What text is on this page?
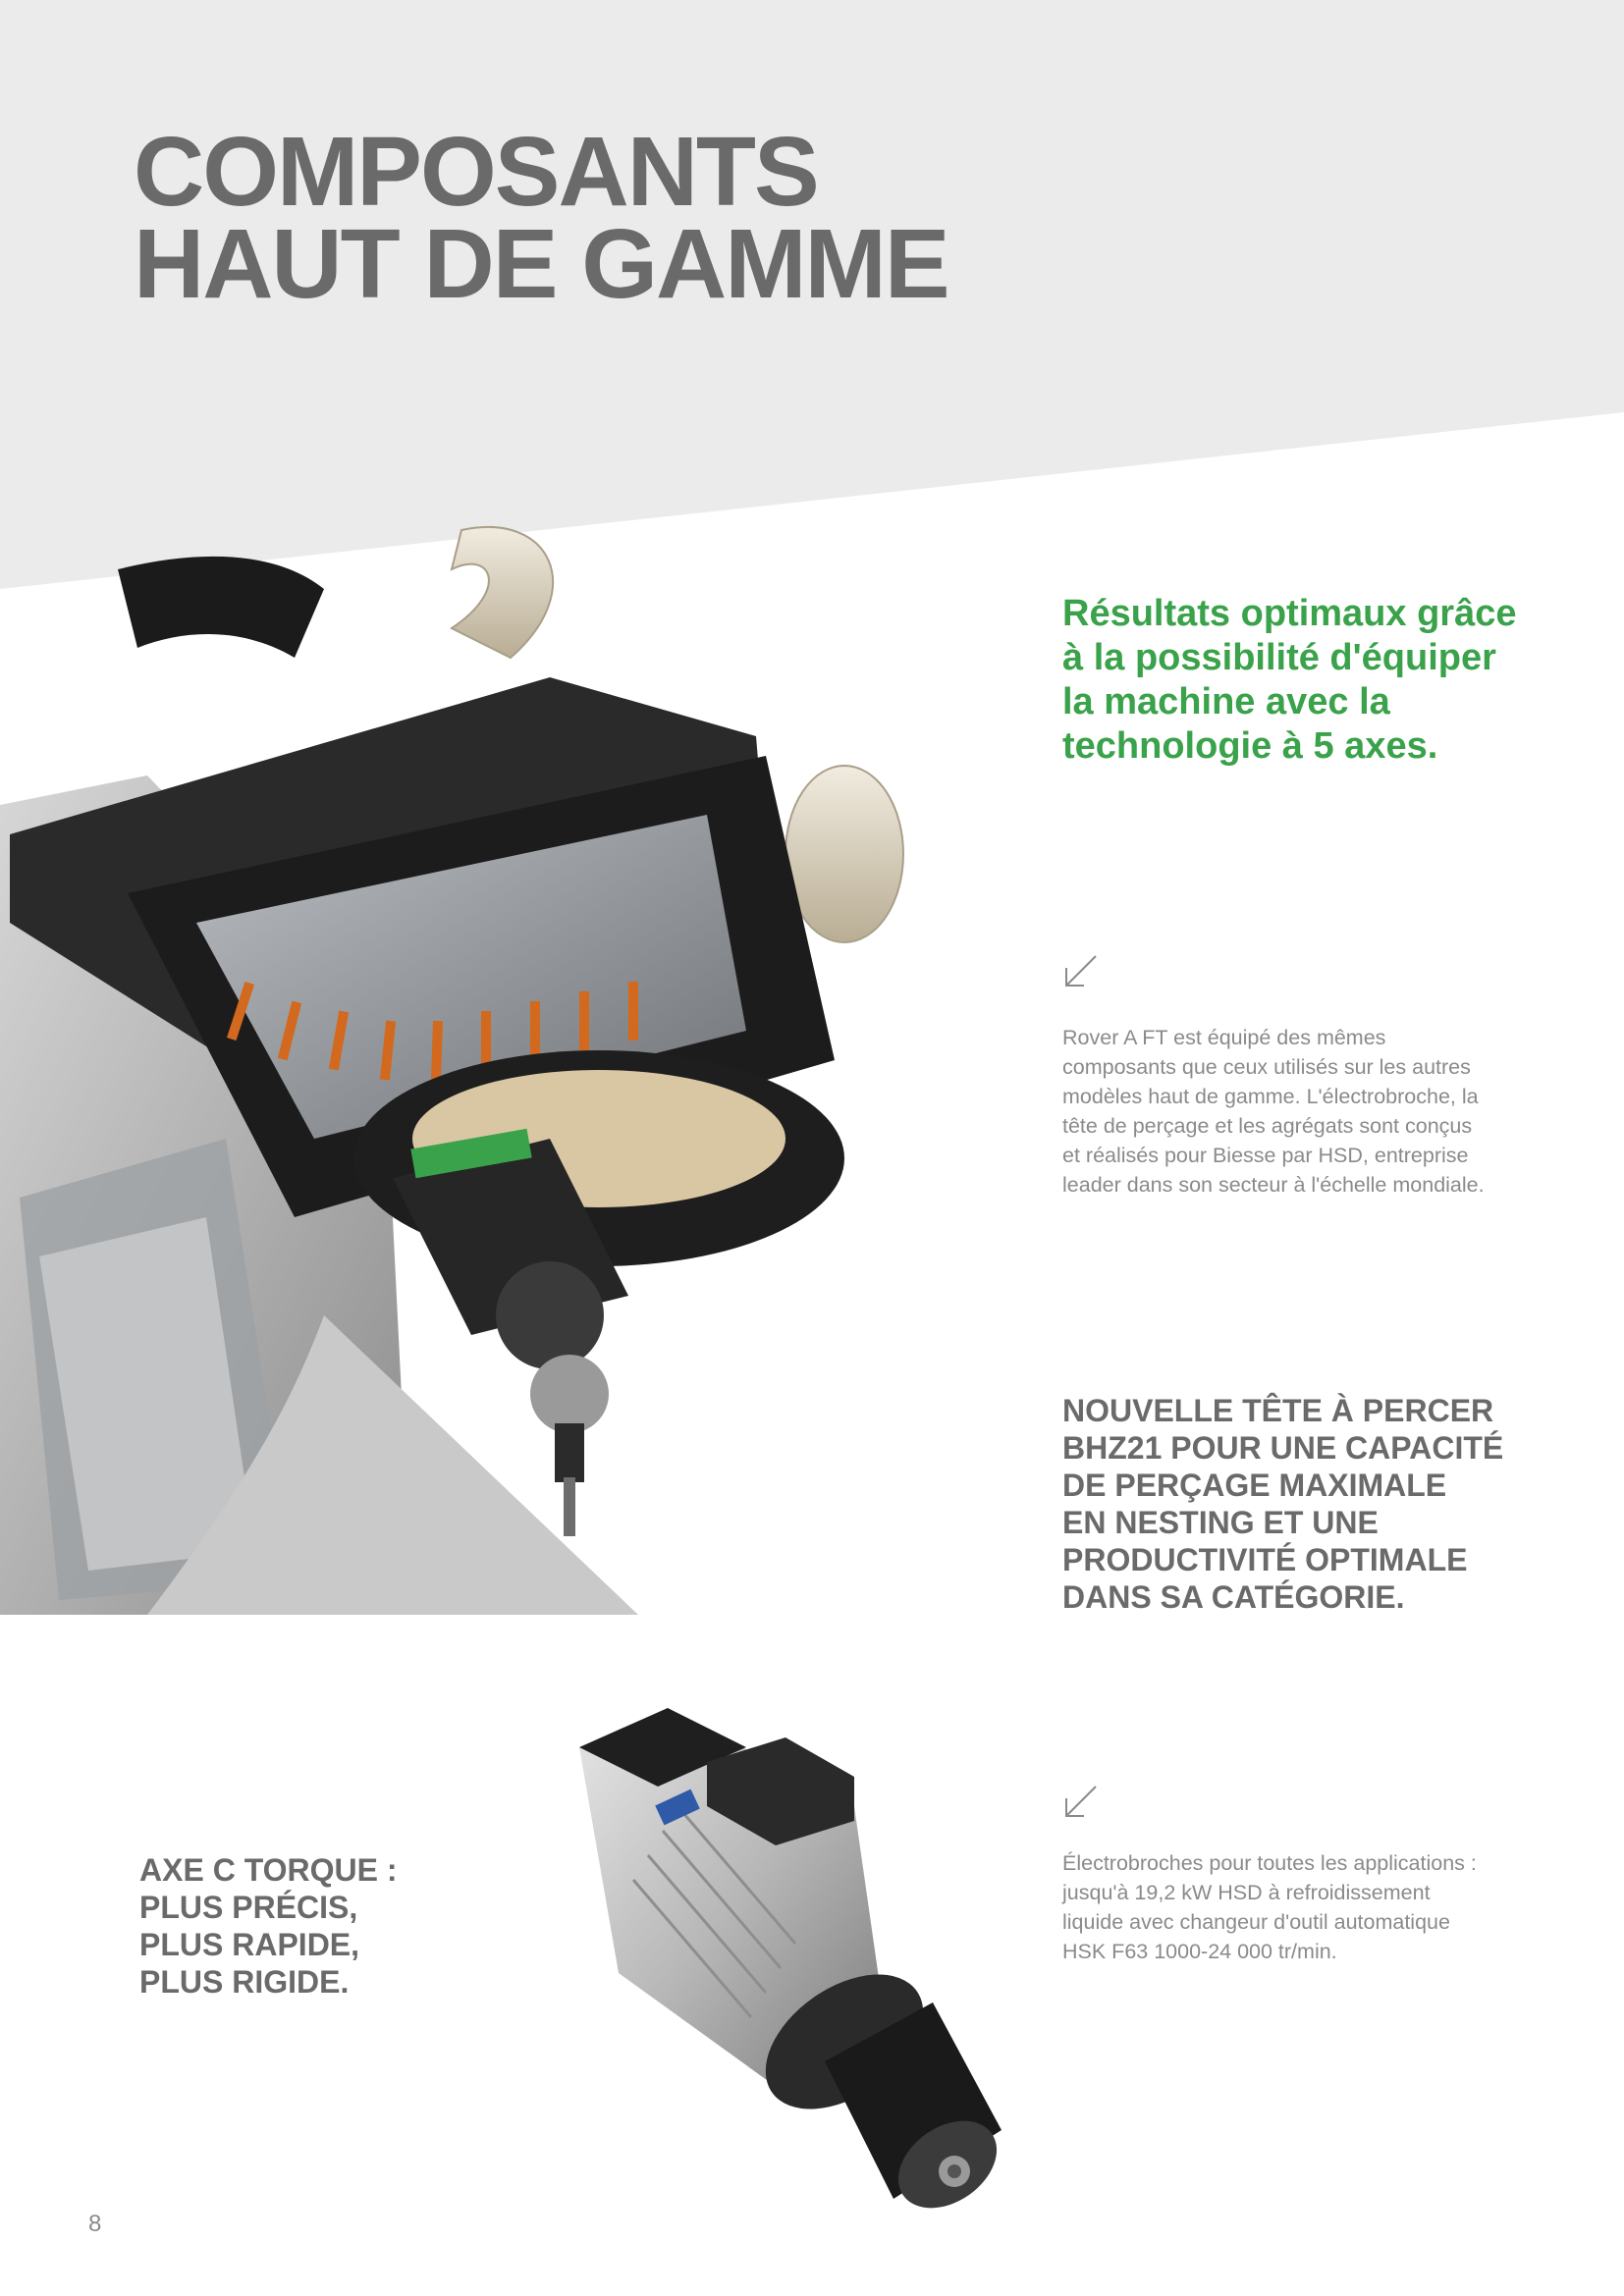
COMPOSANTS
HAUT DE GAMME
Résultats optimaux grâce à la possibilité d'équiper la machine avec la technologie à 5 axes.
Rover A FT est équipé des mêmes composants que ceux utilisés sur les autres modèles haut de gamme. L'électrobroche, la tête de perçage et les agrégats sont conçus et réalisés pour Biesse par HSD, entreprise leader dans son secteur à l'échelle mondiale.
NOUVELLE TÊTE À PERCER
BHZ21 POUR UNE CAPACITÉ
DE PERÇAGE MAXIMALE
EN NESTING ET UNE
PRODUCTIVITÉ OPTIMALE
DANS SA CATÉGORIE.
Électrobroches pour toutes les applications : jusqu'à 19,2 kW HSD à refroidissement liquide avec changeur d'outil automatique HSK F63 1000-24 000 tr/min.
AXE C TORQUE :
PLUS PRÉCIS,
PLUS RAPIDE,
PLUS RIGIDE.
8
